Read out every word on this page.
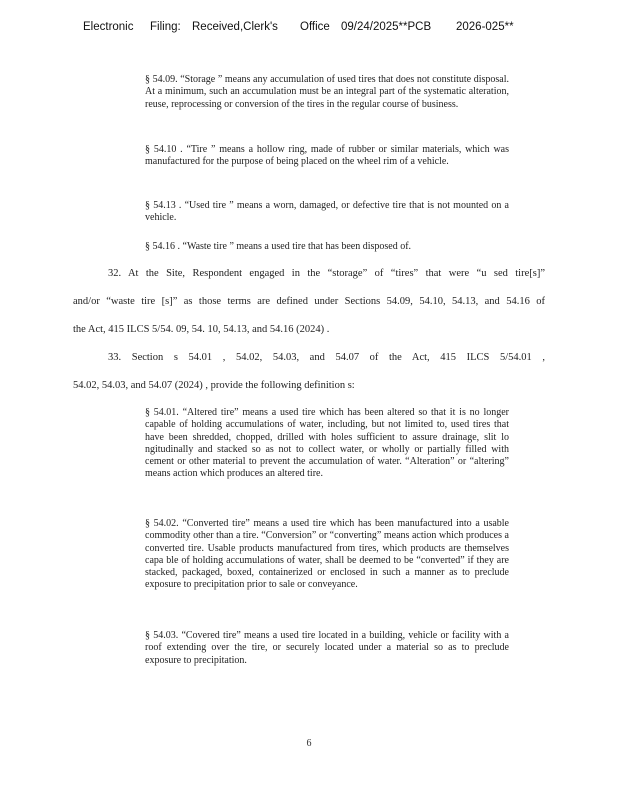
Electronic Filing: Received,Clerk's Office 09/24/2025**PCB 2026-025**
§ 54.09. “Storage ” means any accumulation of used tires that does not constitute disposal. At a minimum, such an accumulation must be an integral part of the systematic alteration, reuse, reprocessing or conversion of the tires in the regular course of business.
§ 54.10 . “Tire ” means a hollow ring, made of rubber or similar materials, which was manufactured for the purpose of being placed on the wheel rim of a vehicle.
§ 54.13 . “Used tire ” means a worn, damaged, or defective tire that is not mounted on a vehicle.
§ 54.16 . “Waste tire ” means a used tire that has been disposed of.
32. At the Site, Respondent engaged in the “storage” of “tires” that were “u sed tire[s]”
and/or “waste tire [s]” as those terms are defined under Sections 54.09, 54.10, 54.13, and 54.16 of
the Act, 415 ILCS 5/54. 09, 54. 10, 54.13, and 54.16 (2024) .
33. Section s 54.01 , 54.02, 54.03, and 54.07 of the Act, 415 ILCS 5/54.01 ,
54.02, 54.03, and 54.07 (2024) , provide the following definition s:
§ 54.01. “Altered tire” means a used tire which has been altered so that it is no longer capable of holding accumulations of water, including, but not limited to, used tires that have been shredded, chopped, drilled with holes sufficient to assure drainage, slit lo ngitudinally and stacked so as not to collect water, or wholly or partially filled with cement or other material to prevent the accumulation of water. “Alteration” or “altering” means action which produces an altered tire.
§ 54.02. “Converted tire” means a used tire which has been manufactured into a usable commodity other than a tire. “Conversion” or “converting” means action which produces a converted tire. Usable products manufactured from tires, which products are themselves capa ble of holding accumulations of water, shall be deemed to be “converted” if they are stacked, packaged, boxed, containerized or enclosed in such a manner as to preclude exposure to precipitation prior to sale or conveyance.
§ 54.03. “Covered tire” means a used tire located in a building, vehicle or facility with a roof extending over the tire, or securely located under a material so as to preclude exposure to precipitation.
6
